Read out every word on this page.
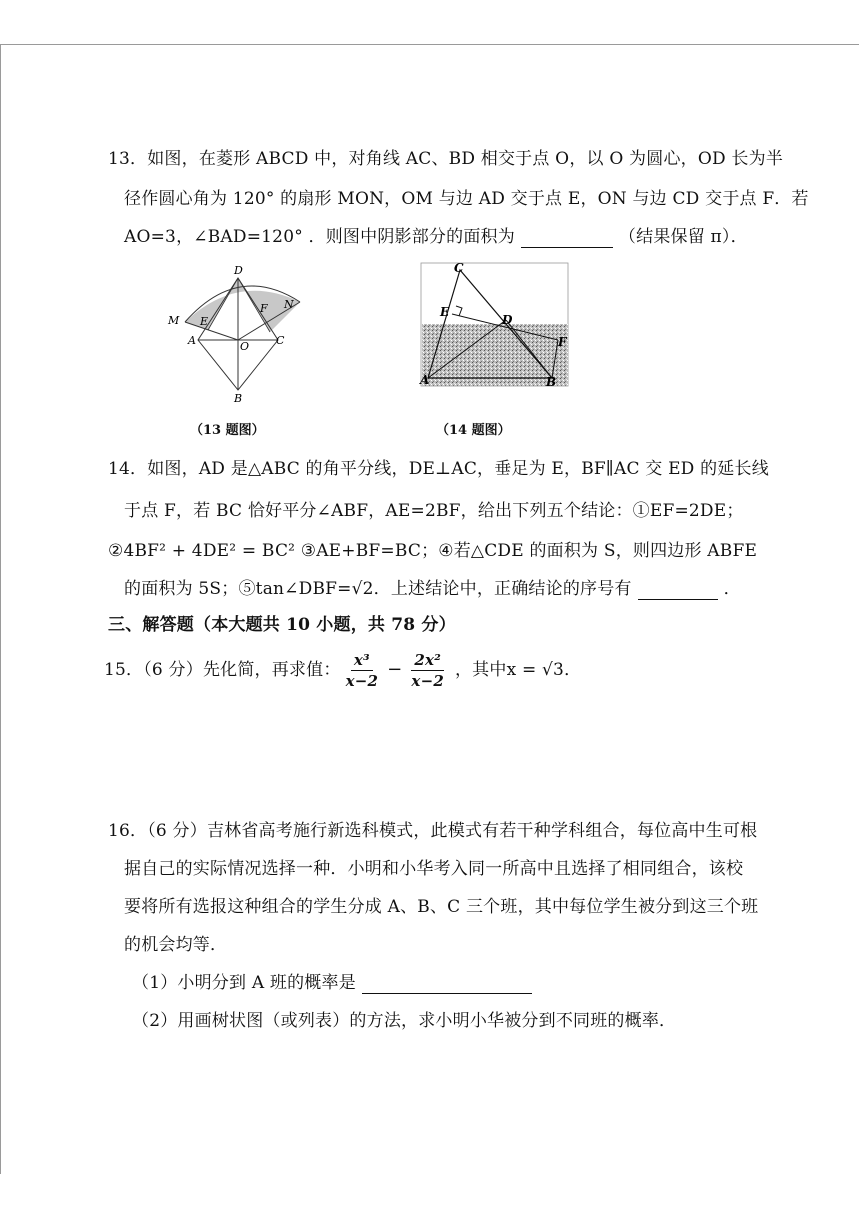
13．如图，在菱形 ABCD 中，对角线 AC、BD 相交于点 O，以 O 为圆心，OD 长为半
径作圆心角为 120° 的扇形 MON，OM 与边 AD 交于点 E，ON 与边 CD 交于点 F．若
AO=3，∠BAD=120° ．则图中阴影部分的面积为	（结果保留 π）．
D
M E
F N
A	O C
B
（13 题图）
C
E
D
F
A	B
（14 题图）
14．如图，AD 是△ABC 的角平分线，DE⊥AC，垂足为 E，BF∥AC 交 ED 的延长线
于点 F，若 BC 恰好平分∠ABF，AE=2BF，给出下列五个结论：①EF=2DE；
②4BF² + 4DE² = BC² ③AE+BF=BC；④若△CDE 的面积为 S，则四边形 ABFE
的面积为 5S；⑤tan∠DBF=√2．上述结论中，正确结论的序号有	．
三、解答题（本大题共 10 小题，共 78 分）
15．（6 分）先化简，再求值： $\frac{\text{x³}}{x-2} - \frac{\text{2x²}}{x-2}$ ，其中x = √3．
16．（6 分）吉林省高考施行新选科模式，此模式有若干种学科组合，每位高中生可根
据自己的实际情况选择一种．小明和小华考入同一所高中且选择了相同组合，该校
要将所有选报这种组合的学生分成 A、B、C 三个班，其中每位学生被分到这三个班
的机会均等．
（1）小明分到 A 班的概率是
（2）用画树状图（或列表）的方法，求小明小华被分到不同班的概率．
